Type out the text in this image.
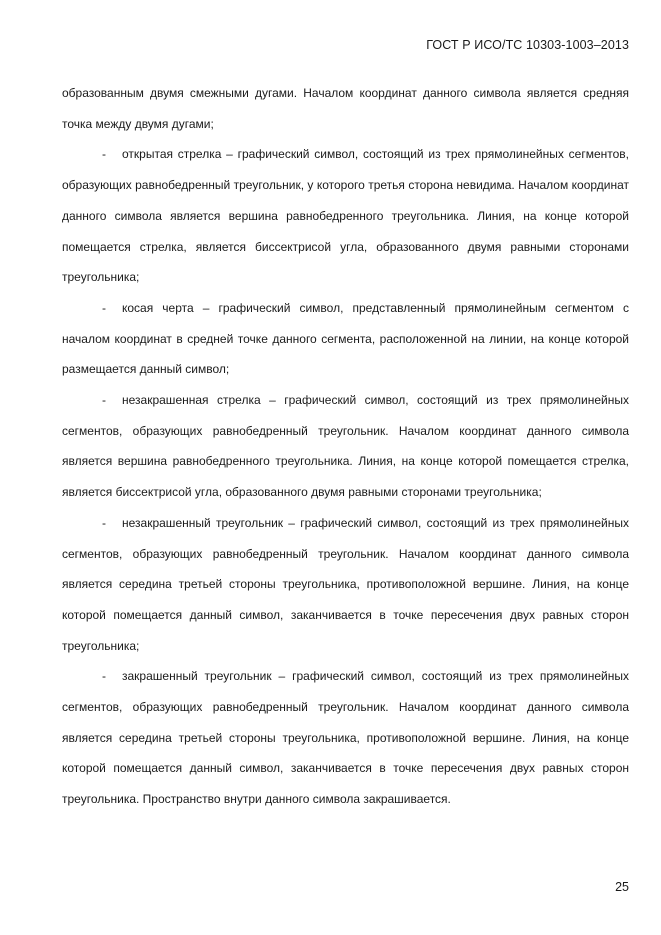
ГОСТ Р ИСО/ТС 10303-1003–2013

образованным двумя смежными дугами. Началом координат данного символа является средняя точка между двумя дугами;

- открытая стрелка – графический символ, состоящий из трех прямолинейных сегментов, образующих равнобедренный треугольник, у которого третья сторона невидима. Началом координат данного символа является вершина равнобедренного треугольника. Линия, на конце которой помещается стрелка, является биссектрисой угла, образованного двумя равными сторонами треугольника;

- косая черта – графический символ, представленный прямолинейным сегментом с началом координат в средней точке данного сегмента, расположенной на линии, на конце которой размещается данный символ;

- незакрашенная стрелка – графический символ, состоящий из трех прямолинейных сегментов, образующих равнобедренный треугольник. Началом координат данного символа является вершина равнобедренного треугольника. Линия, на конце которой помещается стрелка, является биссектрисой угла, образованного двумя равными сторонами треугольника;

- незакрашенный треугольник – графический символ, состоящий из трех прямолинейных сегментов, образующих равнобедренный треугольник. Началом координат данного символа является середина третьей стороны треугольника, противоположной вершине. Линия, на конце которой помещается данный символ, заканчивается в точке пересечения двух равных сторон треугольника;

- закрашенный треугольник – графический символ, состоящий из трех прямолинейных сегментов, образующих равнобедренный треугольник. Началом координат данного символа является середина третьей стороны треугольника, противоположной вершине. Линия, на конце которой помещается данный символ, заканчивается в точке пересечения двух равных сторон треугольника. Пространство внутри данного символа закрашивается.

25
